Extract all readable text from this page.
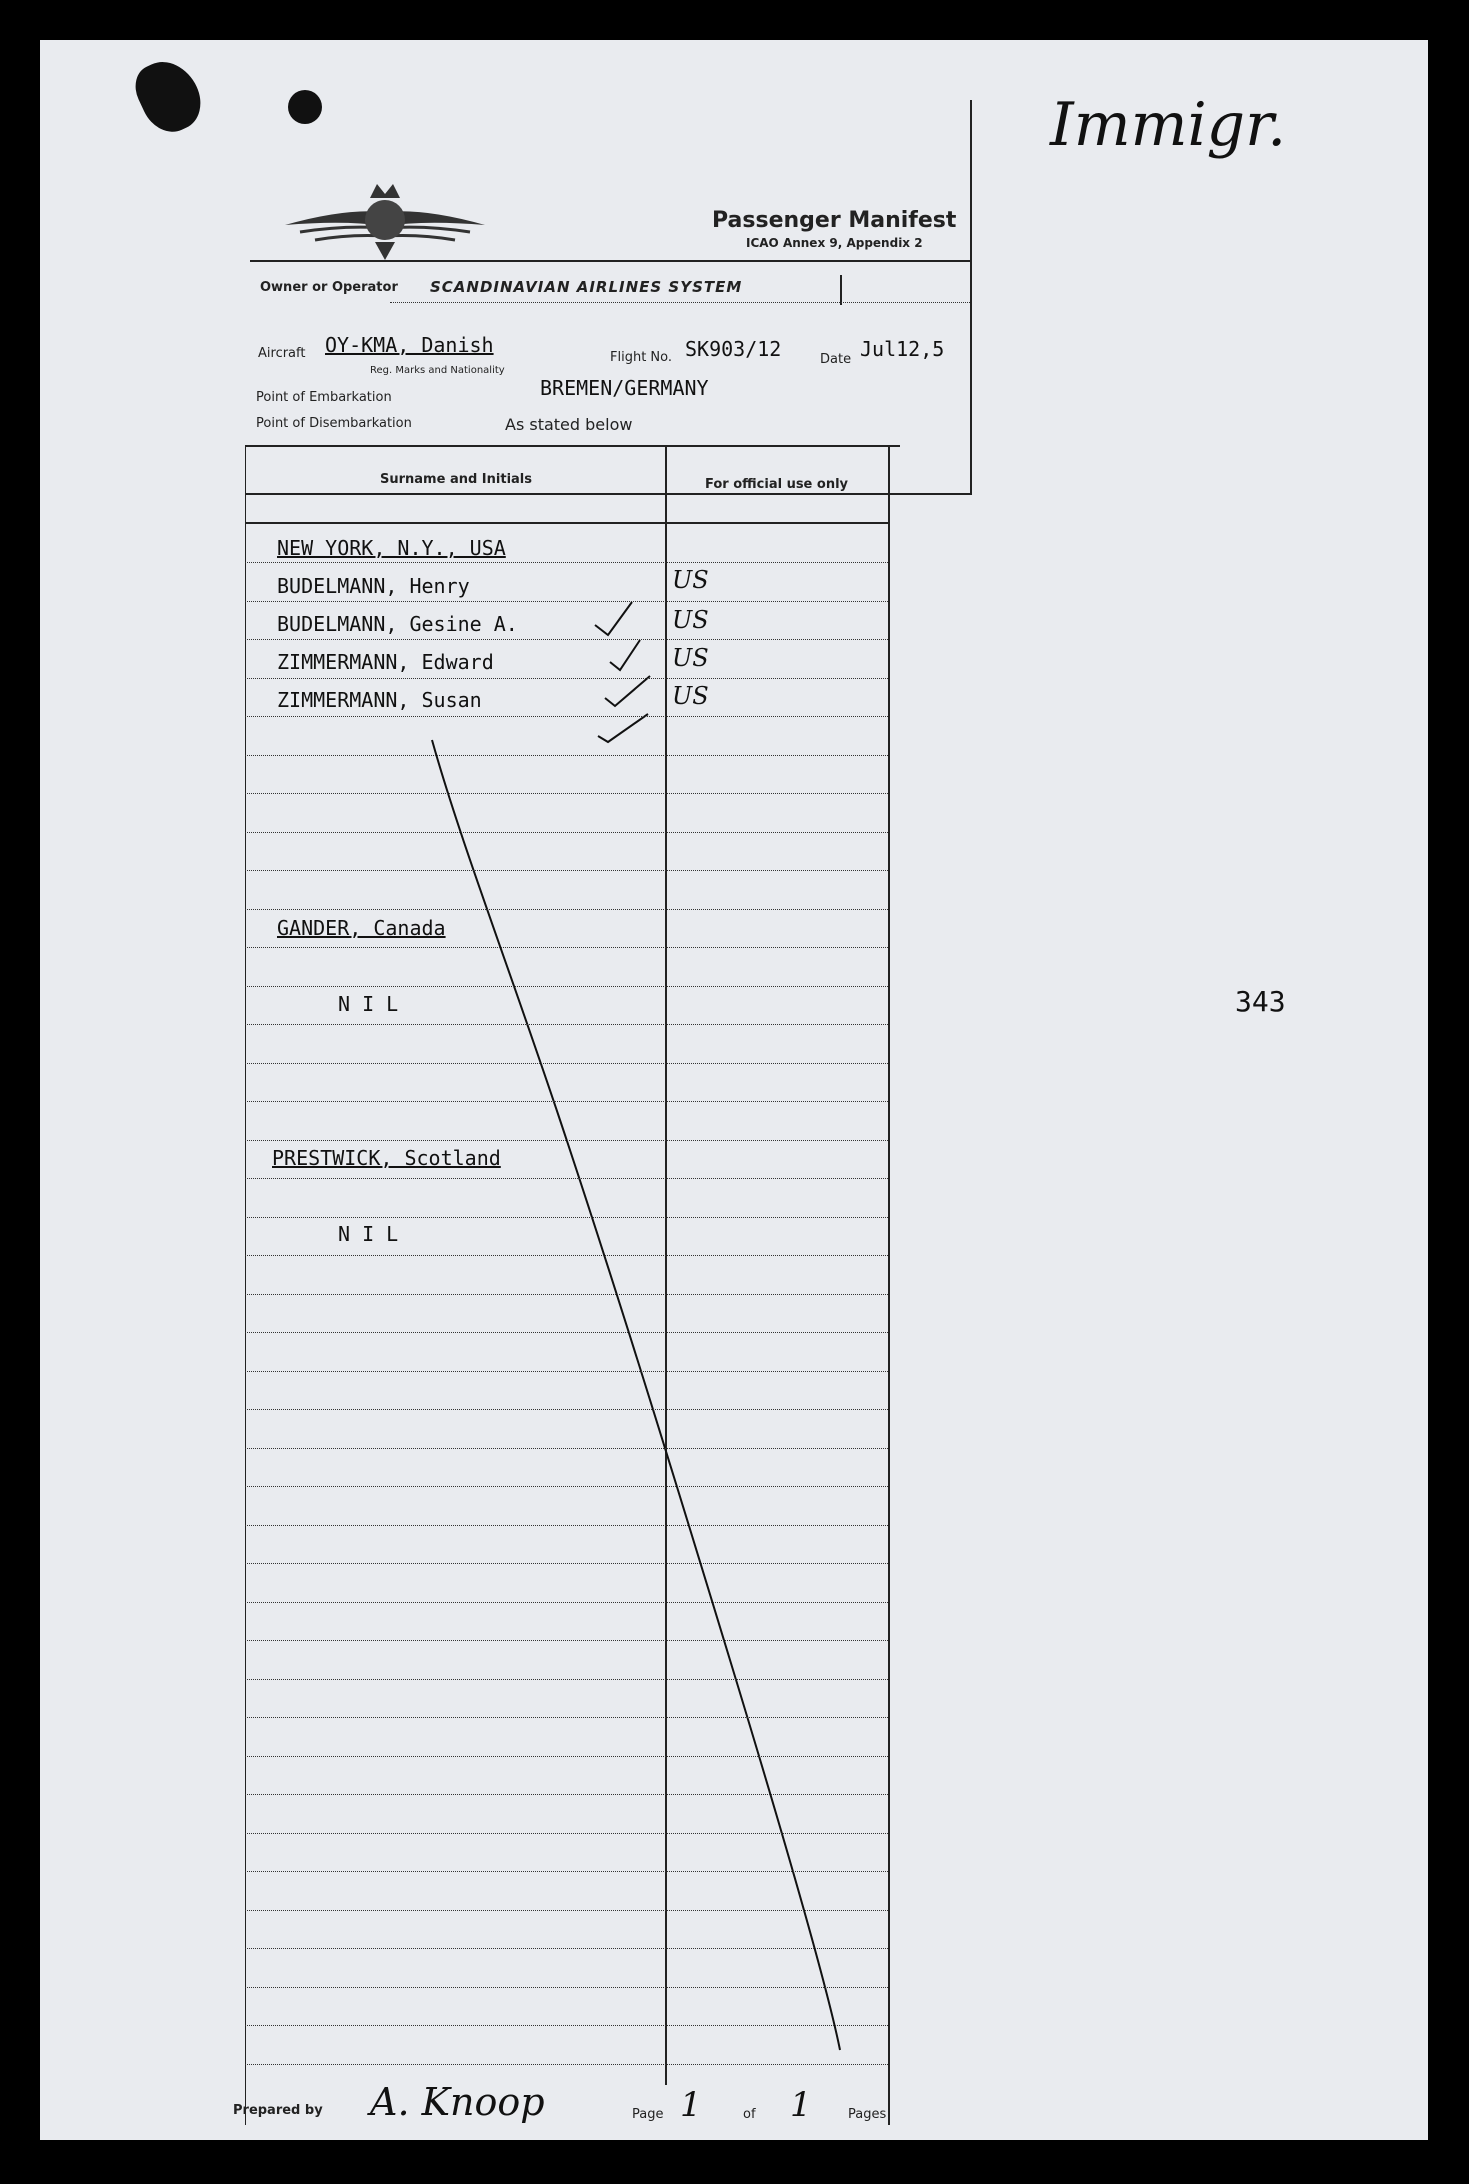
Immigr.
Passenger Manifest
ICAO Annex 9, Appendix 2
Owner or Operator SCANDINAVIAN AIRLINES SYSTEM
Aircraft OY-KMA, Danish
Reg. Marks and Nationality
Flight No. SK903/12	Date Jul12,5
Point of Embarkation	BREMEN/GERMANY
Point of Disembarkation	As stated below
Surname and Initials	For official use only
NEW YORK, N.Y., USA
BUDELMANN, Henry	US
BUDELMANN, Gesine A.	US
ZIMMERMANN, Edward	US
ZIMMERMANN, Susan	US
GANDER, Canada
N I L
PRESTWICK, Scotland
N I L
343
Prepared by A. Knoop	Page 1	of 1	Pages
